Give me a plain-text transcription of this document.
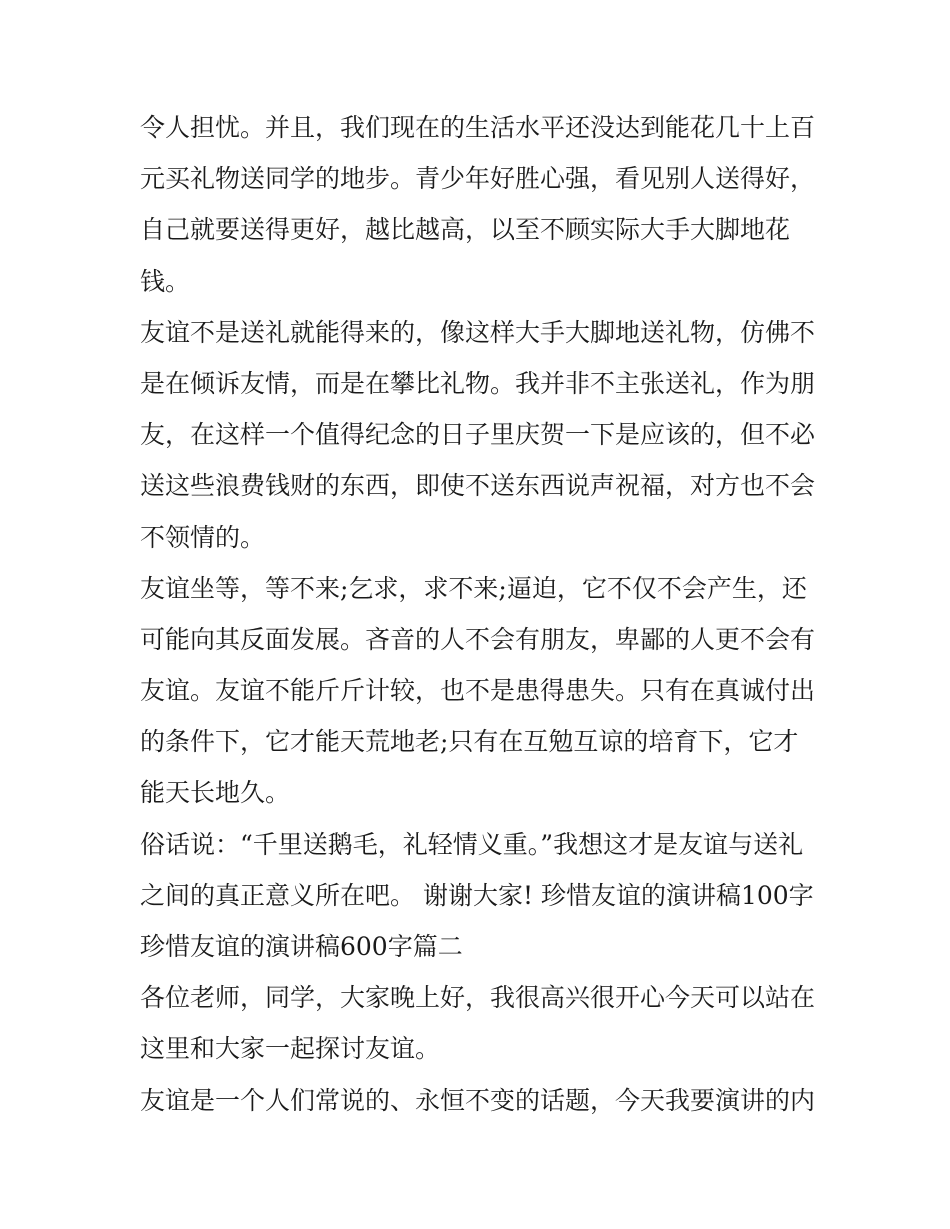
令人担忧。并且，我们现在的生活水平还没达到能花几十上百
元买礼物送同学的地步。青少年好胜心强，看见别人送得好，
自己就要送得更好，越比越高，以至不顾实际大手大脚地花
钱。
友谊不是送礼就能得来的，像这样大手大脚地送礼物，仿佛不
是在倾诉友情，而是在攀比礼物。我并非不主张送礼，作为朋
友，在这样一个值得纪念的日子里庆贺一下是应该的，但不必
送这些浪费钱财的东西，即使不送东西说声祝福，对方也不会
不领情的。
友谊坐等，等不来;乞求，求不来;逼迫，它不仅不会产生，还
可能向其反面发展。吝音的人不会有朋友，卑鄙的人更不会有
友谊。友谊不能斤斤计较，也不是患得患失。只有在真诚付出
的条件下，它才能天荒地老;只有在互勉互谅的培育下，它才
能天长地久。
俗话说：“千里送鹅毛，礼轻情义重。”我想这才是友谊与送礼
之间的真正意义所在吧。 谢谢大家! 珍惜友谊的演讲稿100字
珍惜友谊的演讲稿600字篇二
各位老师，同学，大家晚上好，我很高兴很开心今天可以站在
这里和大家一起探讨友谊。
友谊是一个人们常说的、永恒不变的话题，今天我要演讲的内
